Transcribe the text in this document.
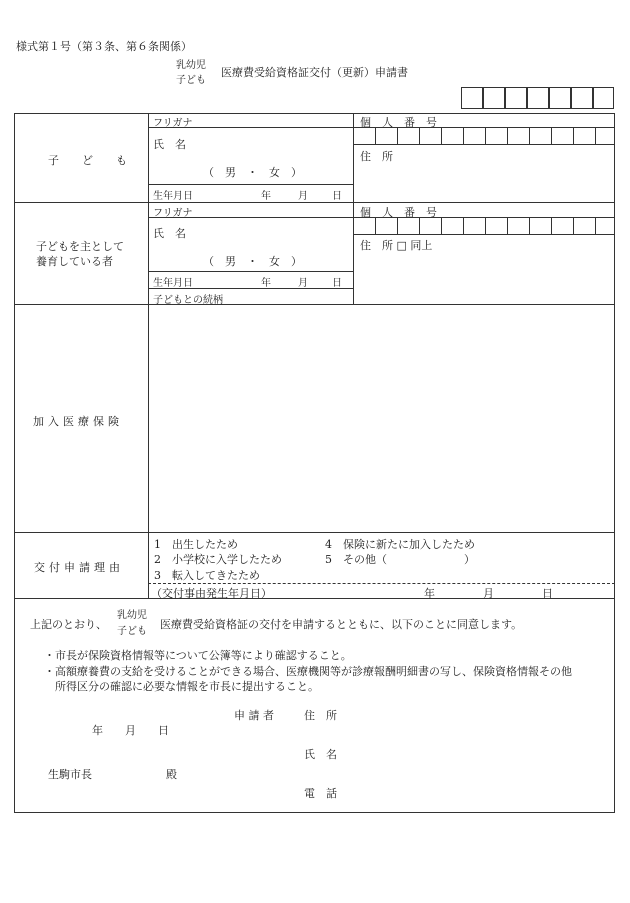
様式第１号（第３条、第６条関係）
乳幼児
子ども
医療費受給資格証交付（更新）申請書
子　ど　も
フリガナ
氏　名
（　男　・　女　）
生年月日	年	月 日
個　人　番　号
住　所
子どもを主として
養育している者
フリガナ
氏　名
（　男　・　女　）
生年月日	年	月 日
子どもとの続柄
個　人　番　号
住　所 □ 同上
加入医療保険
交付申請理由
1　出生したため	4　保険に新たに加入したため
2　小学校に入学したため	5　その他（　　　　　　　）
3　転入してきたため
（交付事由発生年月日）	年	月	日
上記のとおり、
乳幼児
子ども
医療費受給資格証の交付を申請するとともに、以下のことに同意します。
・市長が保険資格情報等について公簿等により確認すること。
・高額療養費の支給を受けることができる場合、医療機関等が診療報酬明細書の写し、保険資格情報その他
所得区分の確認に必要な情報を市長に提出すること。
年　　月　　日
申 請 者	住　所
氏　名
生駒市長	殿
電　話
